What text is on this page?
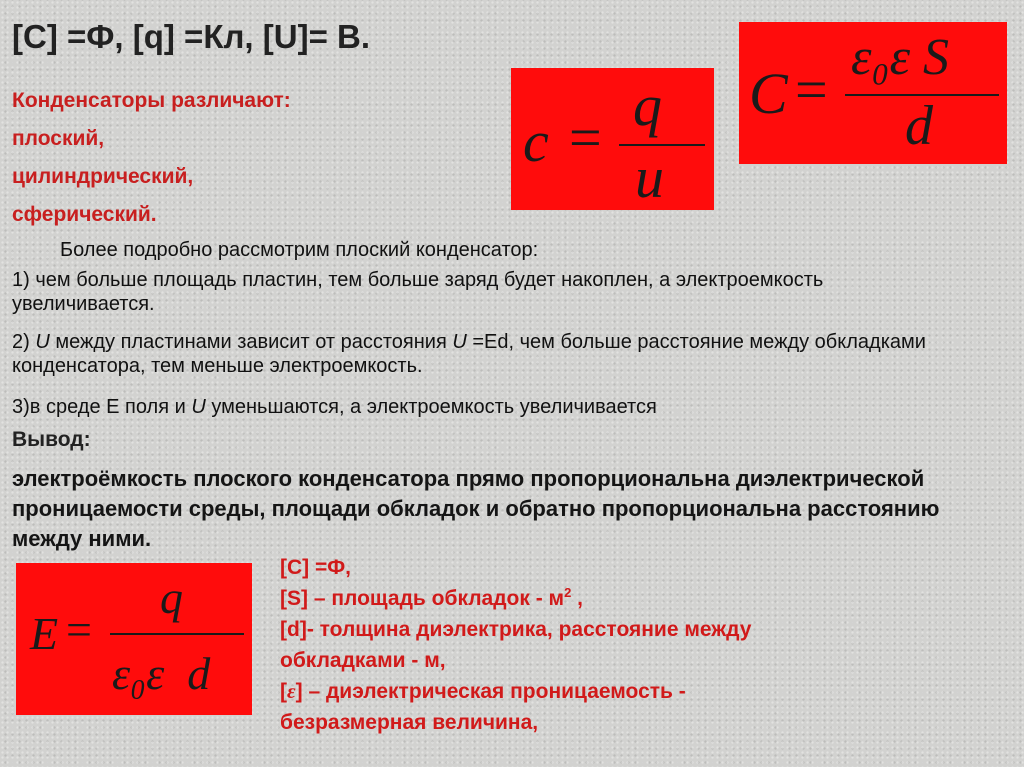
[C] =Ф, [q] =Кл, [U]= В.
Конденсаторы различают:
плоский,
цилиндрический,
сферический.
c = q
u
C = ε₀ε S
d
Более подробно рассмотрим плоский конденсатор:
1) чем больше площадь пластин, тем больше заряд будет накоплен, а электроемкость увеличивается.
2) U между пластинами зависит от расстояния U =Ed, чем больше расстояние между обкладками конденсатора, тем меньше электроемкость.
3)в среде Е поля и U уменьшаются, а электроемкость увеличивается
Вывод:
электроёмкость плоского конденсатора прямо пропорциональна диэлектрической проницаемости среды, площади обкладок и обратно пропорциональна расстоянию между ними.
E =
q
ε₀ε  d
[C] =Ф,
[S] – площадь обкладок - $м^2$ ,
[d]- толщина диэлектрика, расстояние между
обкладками - м,
[ε] – диэлектрическая проницаемость -
безразмерная величина,
